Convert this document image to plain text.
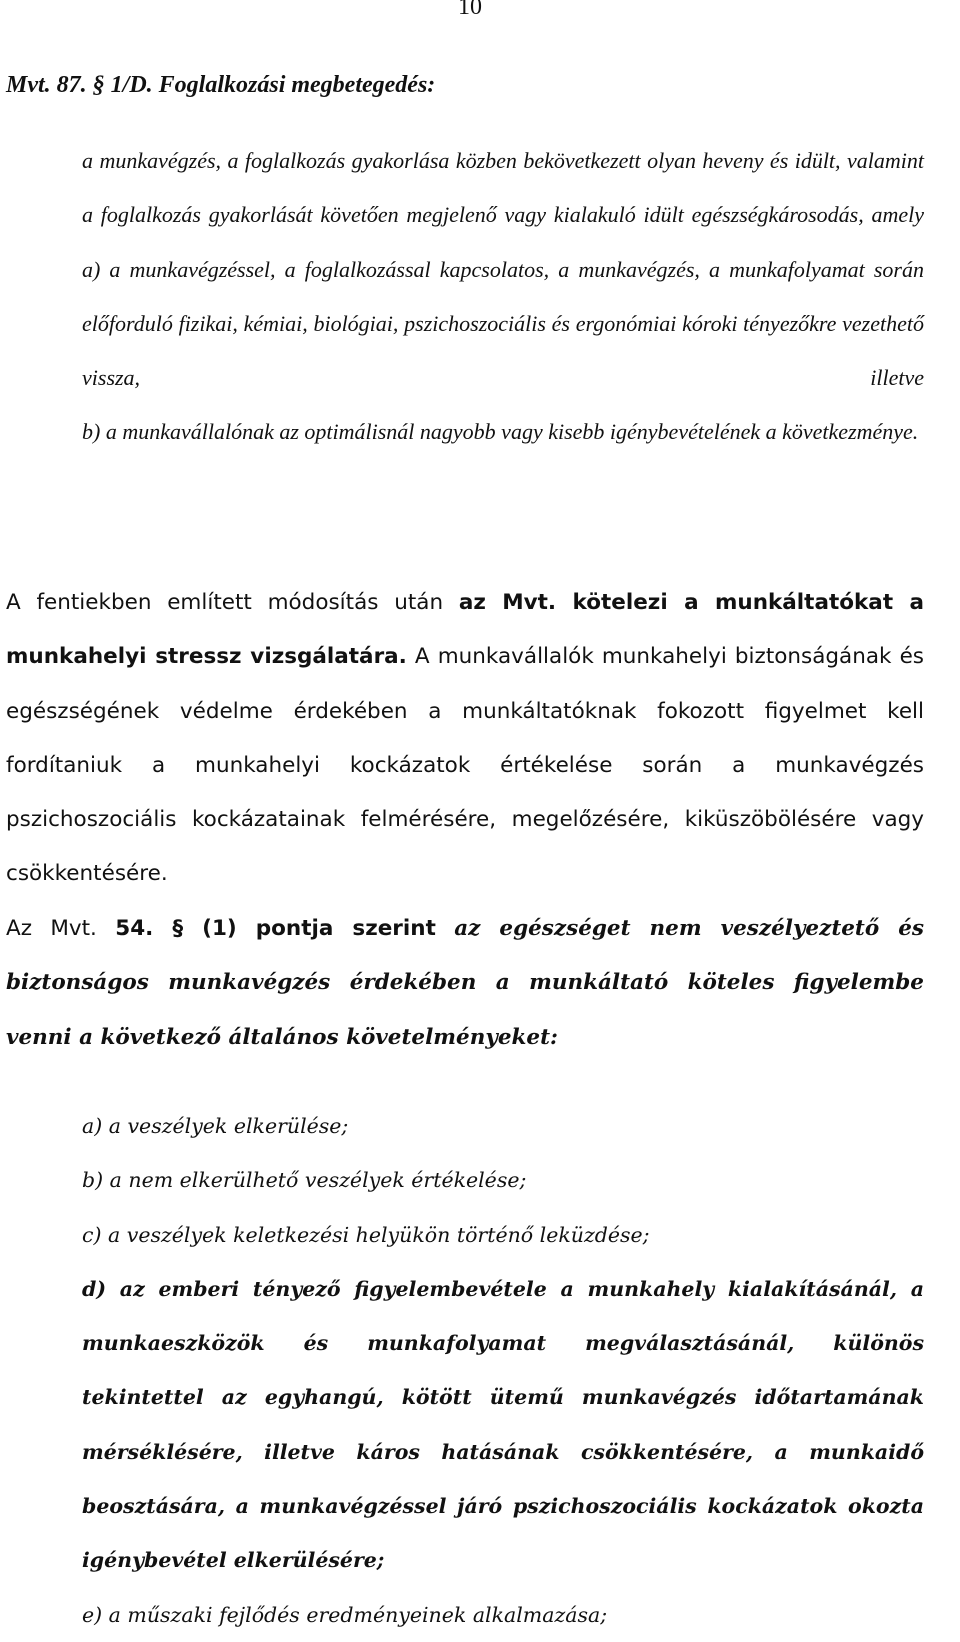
10
Mvt. 87. § 1/D. Foglalkozási megbetegedés:

a munkavégzés, a foglalkozás gyakorlása közben bekövetkezett olyan heveny és idült, valamint a foglalkozás gyakorlását követően megjelenő vagy kialakuló idült egészségkárosodás, amely

a) a munkavégzéssel, a foglalkozással kapcsolatos, a munkavégzés, a munkafolyamat során előforduló fizikai, kémiai, biológiai, pszichoszociális és ergonómiai kóroki tényezőkre vezethető vissza, illetve

b) a munkavállalónak az optimálisnál nagyobb vagy kisebb igénybevételének a következménye.

A fentiekben említett módosítás után az Mvt. kötelezi a munkáltatókat a munkahelyi stressz vizsgálatára. A munkavállalók munkahelyi biztonságának és egészségének védelme érdekében a munkáltatóknak fokozott figyelmet kell fordítaniuk a munkahelyi kockázatok értékelése során a munkavégzés pszichoszociális kockázatainak felmérésére, megelőzésére, kiküszöbölésére vagy csökkentésére.

Az Mvt. 54. § (1) pontja szerint az egészséget nem veszélyeztető és biztonságos munkavégzés érdekében a munkáltató köteles figyelembe venni a következő általános követelményeket:

a) a veszélyek elkerülése;

b) a nem elkerülhető veszélyek értékelése;

c) a veszélyek keletkezési helyükön történő leküzdése;

d) az emberi tényező figyelembevétele a munkahely kialakításánál, a munkaeszközök és munkafolyamat megválasztásánál, különös tekintettel az egyhangú, kötött ütemű munkavégzés időtartamának mérséklésére, illetve káros hatásának csökkentésére, a munkaidő beosztására, a munkavégzéssel járó pszichoszociális kockázatok okozta igénybevétel elkerülésére;

e) a műszaki fejlődés eredményeinek alkalmazása;
